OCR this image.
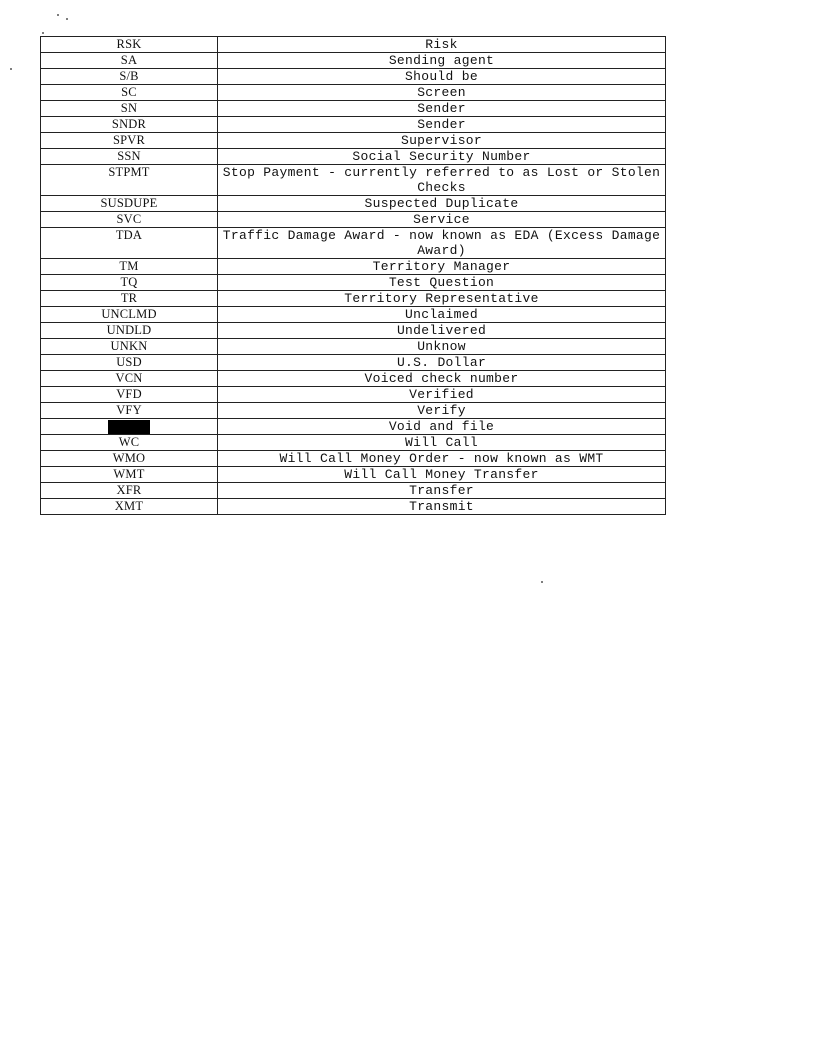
RSK	Risk
SA	Sending agent
S/B	Should be
SC	Screen
SN	Sender
SNDR	Sender
SPVR	Supervisor
SSN	Social Security Number
STPMT	Stop Payment - currently referred to as Lost or Stolen Checks
SUSDUPE	Suspected Duplicate
SVC	Service
TDA	Traffic Damage Award - now known as EDA (Excess Damage Award)
TM	Territory Manager
TQ	Test Question
TR	Territory Representative
UNCLMD	Unclaimed
UNDLD	Undelivered
UNKN	Unknow
USD	U.S. Dollar
VCN	Voiced check number
VFD	Verified
VFY	Verify
	Void and file
WC	Will Call
WMO	Will Call Money Order - now known as WMT
WMT	Will Call Money Transfer
XFR	Transfer
XMT	Transmit
